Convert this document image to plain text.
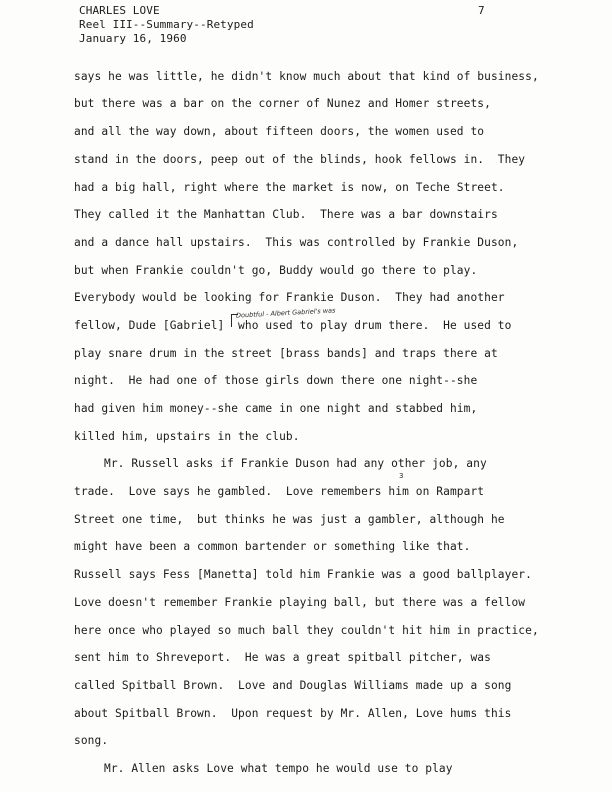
CHARLES LOVE
Reel III--Summary--Retyped
January 16, 1960
7
says he was little, he didn't know much about that kind of business,
but there was a bar on the corner of Nunez and Homer streets,
and all the way down, about fifteen doors, the women used to
stand in the doors, peep out of the blinds, hook fellows in.  They
had a big hall, right where the market is now, on Teche Street.
They called it the Manhattan Club.  There was a bar downstairs
and a dance hall upstairs.  This was controlled by Frankie Duson,
but when Frankie couldn't go, Buddy would go there to play.
Everybody would be looking for Frankie Duson.  They had another
fellow, Dude [Gabriel]  who used to play drum there.  He used to
play snare drum in the street [brass bands] and traps there at
night.  He had one of those girls down there one night--she
had given him money--she came in one night and stabbed him,
killed him, upstairs in the club.
Mr. Russell asks if Frankie Duson had any other job, any
trade.  Love says he gambled.  Love remembers him on Rampart
Street one time,  but thinks he was just a gambler, although he
might have been a common bartender or something like that.
Russell says Fess [Manetta] told him Frankie was a good ballplayer.
Love doesn't remember Frankie playing ball, but there was a fellow
here once who played so much ball they couldn't hit him in practice,
sent him to Shreveport.  He was a great spitball pitcher, was
called Spitball Brown.  Love and Douglas Williams made up a song
about Spitball Brown.  Upon request by Mr. Allen, Love hums this
song.
Mr. Allen asks Love what tempo he would use to play
Doubtful - Albert Gabriel's was
3
